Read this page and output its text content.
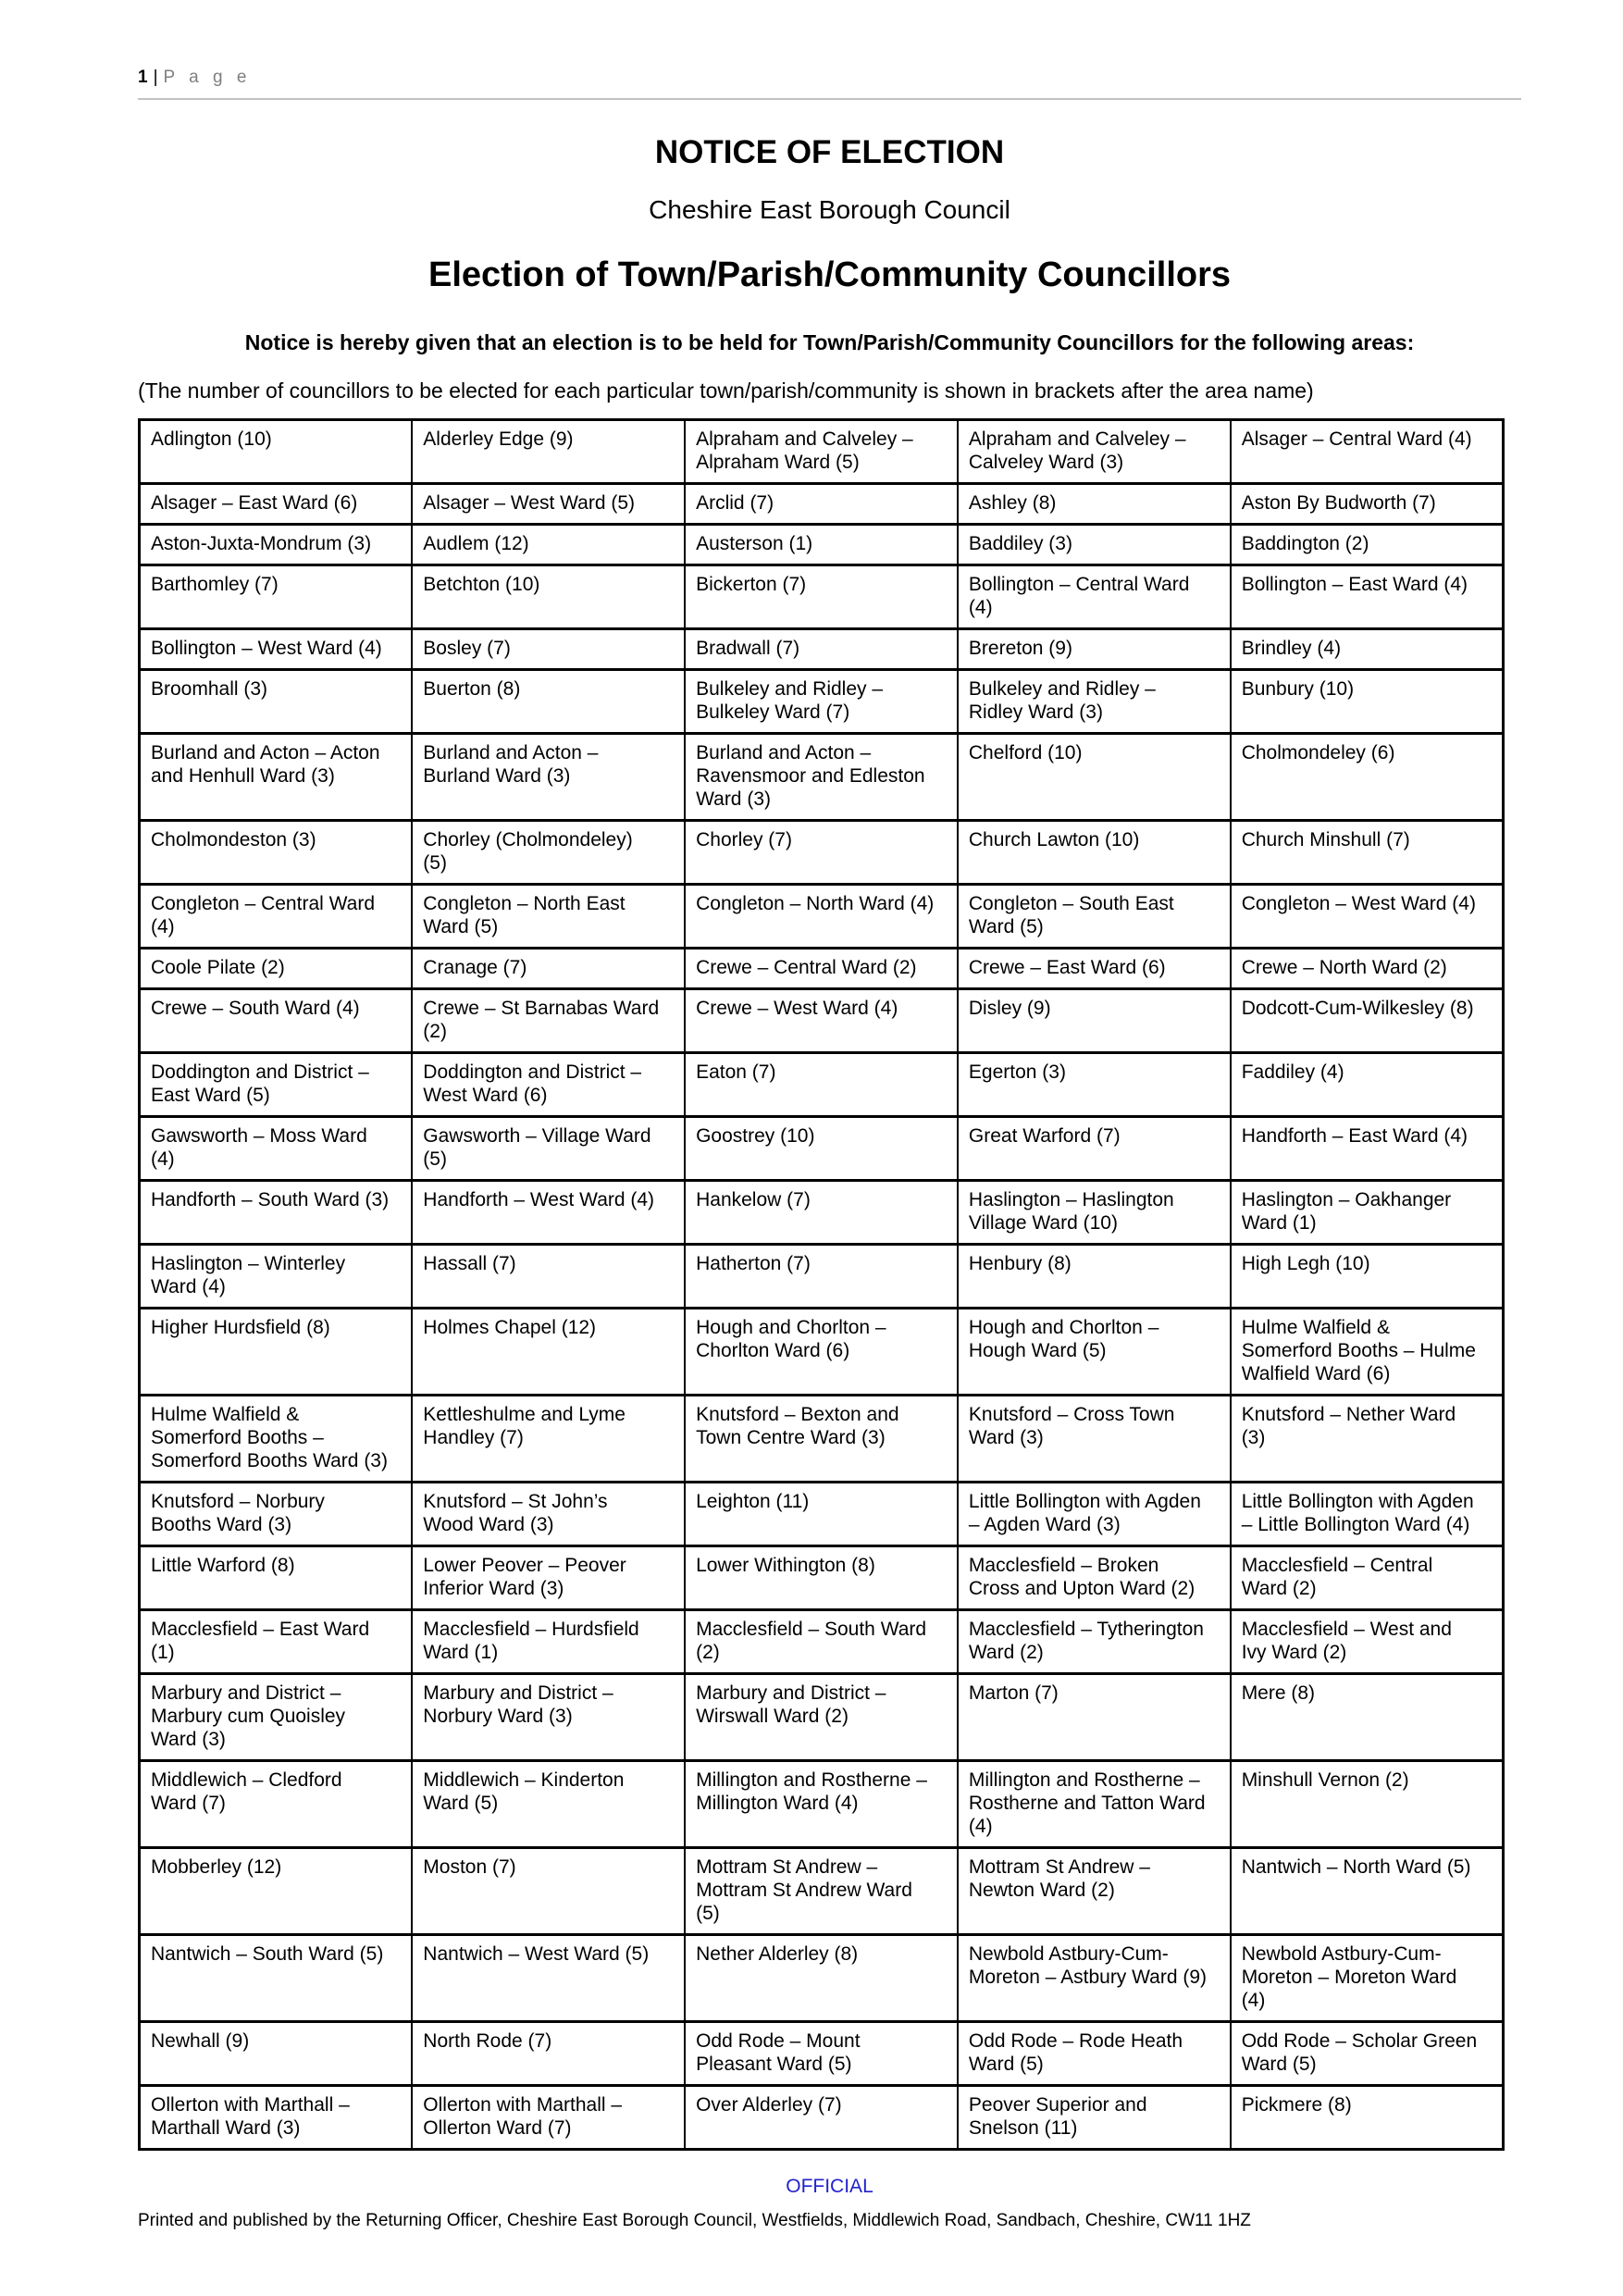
1 | P a g e
NOTICE OF ELECTION
Cheshire East Borough Council
Election of Town/Parish/Community Councillors
Notice is hereby given that an election is to be held for Town/Parish/Community Councillors for the following areas:
(The number of councillors to be elected for each particular town/parish/community is shown in brackets after the area name)
Adlington (10)	Alderley Edge (9)	Alpraham and Calveley – Alpraham Ward (5)	Alpraham and Calveley – Calveley Ward (3)	Alsager – Central Ward (4)
Alsager – East Ward (6)	Alsager – West Ward (5)	Arclid (7)	Ashley (8)	Aston By Budworth (7)
Aston-Juxta-Mondrum (3)	Audlem (12)	Austerson (1)	Baddiley (3)	Baddington (2)
Barthomley (7)	Betchton (10)	Bickerton (7)	Bollington – Central Ward (4)	Bollington – East Ward (4)
Bollington – West Ward (4)	Bosley (7)	Bradwall (7)	Brereton (9)	Brindley (4)
Broomhall (3)	Buerton (8)	Bulkeley and Ridley – Bulkeley Ward (7)	Bulkeley and Ridley – Ridley Ward (3)	Bunbury (10)
Burland and Acton – Acton and Henhull Ward (3)	Burland and Acton – Burland Ward (3)	Burland and Acton – Ravensmoor and Edleston Ward (3)	Chelford (10)	Cholmondeley (6)
Cholmondeston (3)	Chorley (Cholmondeley) (5)	Chorley (7)	Church Lawton (10)	Church Minshull (7)
Congleton – Central Ward (4)	Congleton – North East Ward (5)	Congleton – North Ward (4)	Congleton – South East Ward (5)	Congleton – West Ward (4)
Coole Pilate (2)	Cranage (7)	Crewe – Central Ward (2)	Crewe – East Ward (6)	Crewe – North Ward (2)
Crewe – South Ward (4)	Crewe – St Barnabas Ward (2)	Crewe – West Ward (4)	Disley (9)	Dodcott-Cum-Wilkesley (8)
Doddington and District – East Ward (5)	Doddington and District – West Ward (6)	Eaton (7)	Egerton (3)	Faddiley (4)
Gawsworth – Moss Ward (4)	Gawsworth – Village Ward (5)	Goostrey (10)	Great Warford (7)	Handforth – East Ward (4)
Handforth – South Ward (3)	Handforth – West Ward (4)	Hankelow (7)	Haslington – Haslington Village Ward (10)	Haslington – Oakhanger Ward (1)
Haslington – Winterley Ward (4)	Hassall (7)	Hatherton (7)	Henbury (8)	High Legh (10)
Higher Hurdsfield (8)	Holmes Chapel (12)	Hough and Chorlton – Chorlton Ward (6)	Hough and Chorlton – Hough Ward (5)	Hulme Walfield & Somerford Booths – Hulme Walfield Ward (6)
Hulme Walfield & Somerford Booths – Somerford Booths Ward (3)	Kettleshulme and Lyme Handley (7)	Knutsford – Bexton and Town Centre Ward (3)	Knutsford – Cross Town Ward (3)	Knutsford – Nether Ward (3)
Knutsford – Norbury Booths Ward (3)	Knutsford – St John’s Wood Ward (3)	Leighton (11)	Little Bollington with Agden – Agden Ward (3)	Little Bollington with Agden – Little Bollington Ward (4)
Little Warford (8)	Lower Peover – Peover Inferior Ward (3)	Lower Withington (8)	Macclesfield – Broken Cross and Upton Ward (2)	Macclesfield – Central Ward (2)
Macclesfield – East Ward (1)	Macclesfield – Hurdsfield Ward (1)	Macclesfield – South Ward (2)	Macclesfield – Tytherington Ward (2)	Macclesfield – West and Ivy Ward (2)
Marbury and District – Marbury cum Quoisley Ward (3)	Marbury and District – Norbury Ward (3)	Marbury and District – Wirswall Ward (2)	Marton (7)	Mere (8)
Middlewich – Cledford Ward (7)	Middlewich – Kinderton Ward (5)	Millington and Rostherne – Millington Ward (4)	Millington and Rostherne – Rostherne and Tatton Ward (4)	Minshull Vernon (2)
Mobberley (12)	Moston (7)	Mottram St Andrew – Mottram St Andrew Ward (5)	Mottram St Andrew – Newton Ward (2)	Nantwich – North Ward (5)
Nantwich – South Ward (5)	Nantwich – West Ward (5)	Nether Alderley (8)	Newbold Astbury-Cum-Moreton – Astbury Ward (9)	Newbold Astbury-Cum-Moreton – Moreton Ward (4)
Newhall (9)	North Rode (7)	Odd Rode – Mount Pleasant Ward (5)	Odd Rode – Rode Heath Ward (5)	Odd Rode – Scholar Green Ward (5)
Ollerton with Marthall – Marthall Ward (3)	Ollerton with Marthall – Ollerton Ward (7)	Over Alderley (7)	Peover Superior and Snelson (11)	Pickmere (8)
OFFICIAL
Printed and published by the Returning Officer, Cheshire East Borough Council, Westfields, Middlewich Road, Sandbach, Cheshire, CW11 1HZ
